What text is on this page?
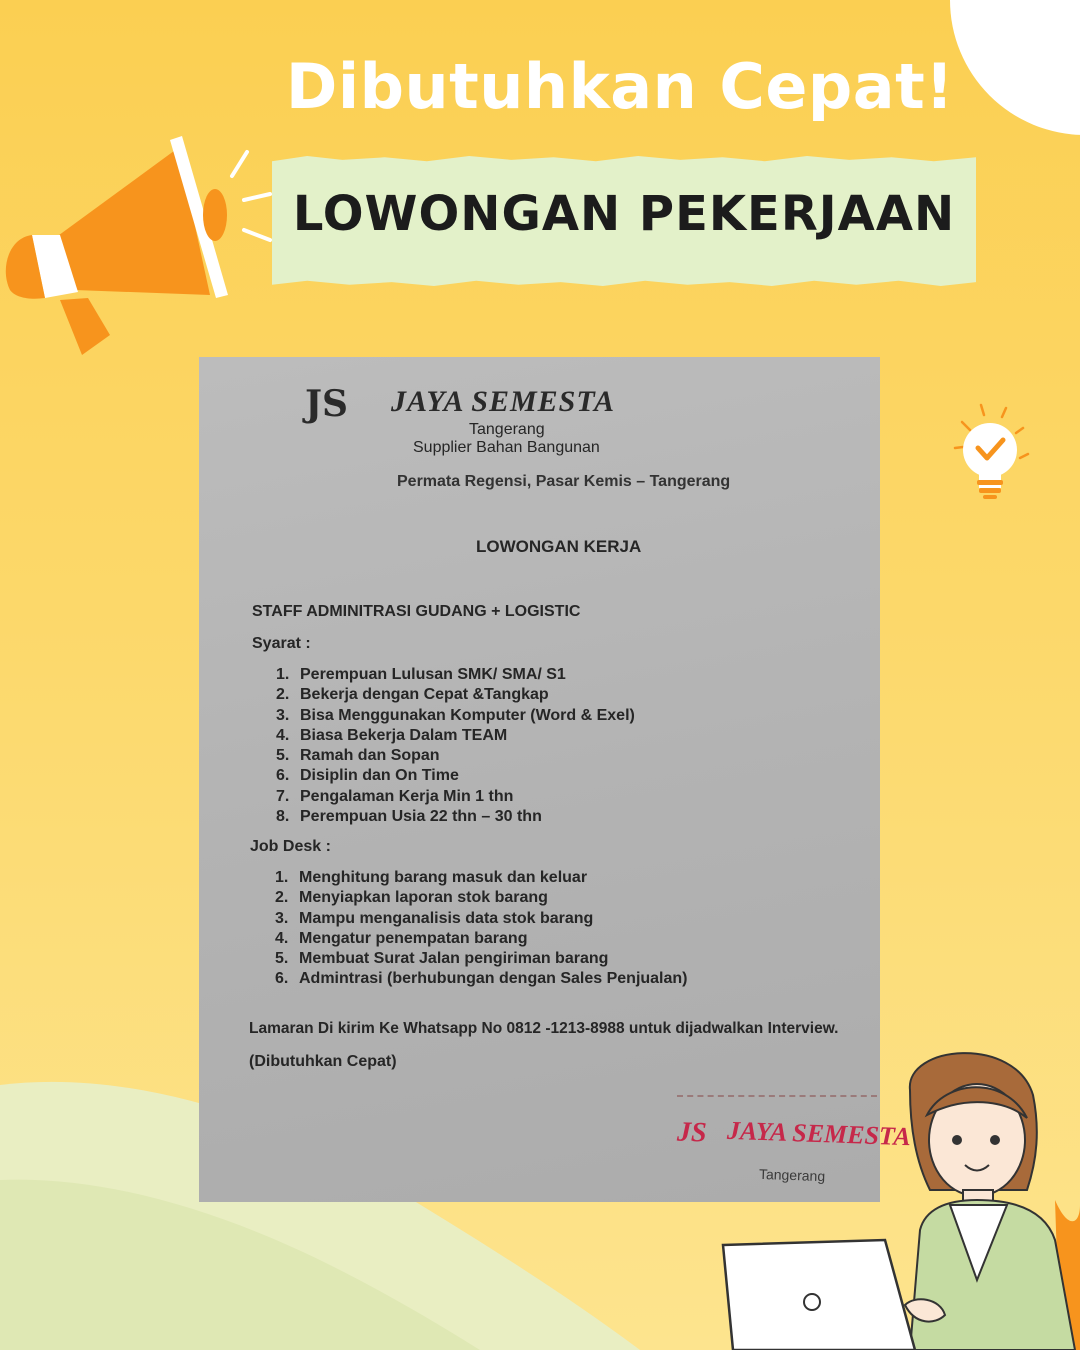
Dibutuhkan Cepat!
LOWONGAN PEKERJAAN
JS JAYA SEMESTA
Tangerang
Supplier Bahan Bangunan
Permata Regensi, Pasar Kemis – Tangerang
LOWONGAN KERJA
STAFF ADMINITRASI GUDANG + LOGISTIC
Syarat :
1. Perempuan Lulusan SMK/ SMA/ S1
2. Bekerja dengan Cepat &Tangkap
3. Bisa Menggunakan Komputer (Word & Exel)
4. Biasa Bekerja Dalam TEAM
5. Ramah dan Sopan
6. Disiplin dan On Time
7. Pengalaman Kerja Min 1 thn
8. Perempuan Usia 22 thn – 30 thn
Job Desk :
1. Menghitung barang masuk dan keluar
2. Menyiapkan laporan stok barang
3. Mampu menganalisis data stok barang
4. Mengatur penempatan barang
5. Membuat Surat Jalan pengiriman barang
6. Admintrasi (berhubungan dengan Sales Penjualan)
Lamaran Di kirim Ke Whatsapp No 0812 -1213-8988 untuk dijadwalkan Interview.
(Dibutuhkan Cepat)
JS JAYA SEMESTA
Tangerang
